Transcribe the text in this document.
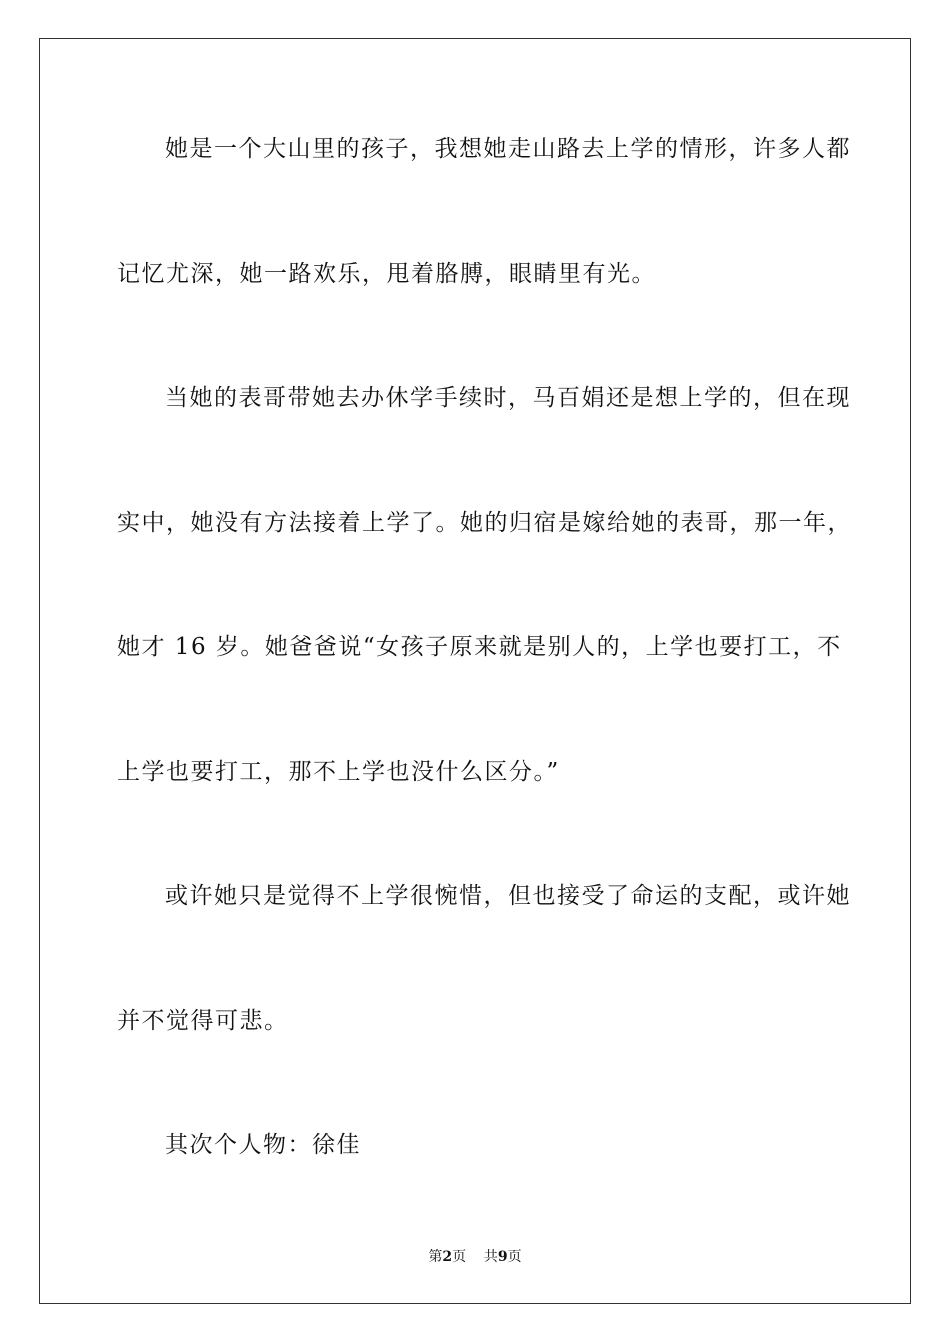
她是一个大山里的孩子，我想她走山路去上学的情形，许多人都
记忆尤深，她一路欢乐，甩着胳膊，眼睛里有光。
当她的表哥带她去办休学手续时，马百娟还是想上学的，但在现
实中，她没有方法接着上学了。她的归宿是嫁给她的表哥，那一年，
她才 16 岁。她爸爸说“女孩子原来就是别人的，上学也要打工，不
上学也要打工，那不上学也没什么区分。”
或许她只是觉得不上学很惋惜，但也接受了命运的支配，或许她
并不觉得可悲。
其次个人物：徐佳
第2页 共9页
